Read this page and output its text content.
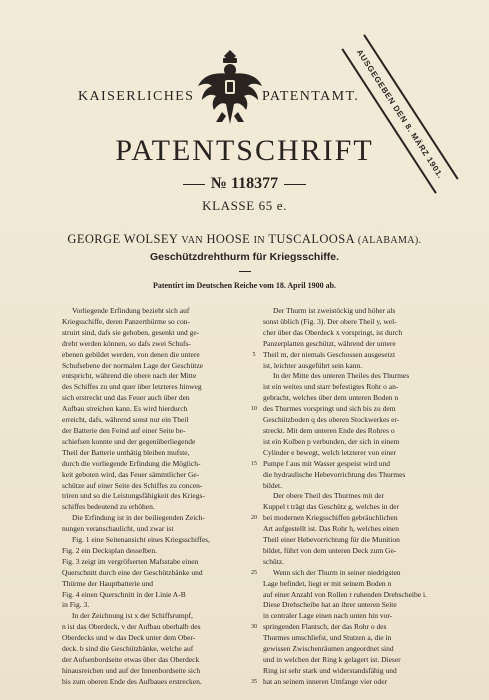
KAISERLICHES	PATENTAMT.
AUSGEGEBEN DEN 8. MÄRZ 1901.
PATENTSCHRIFT
№ 118377
KLASSE 65 e.
GEORGE WOLSEY VAN HOOSE IN TUSCALOOSA (ALABAMA).
Geschützdrehthurm für Kriegsschiffe.
Patentirt im Deutschen Reiche vom 18. April 1900 ab.
Vorliegende Erfindung bezieht sich auf
Kriegsschiffe, deren Panzerthürme so con-
struirt sind, dafs sie gehoben, gesenkt und ge-
dreht werden können, so dafs zwei Schufs-
ebenen gebildet werden, von denen die untere
Schufsebene der normalen Lage der Geschütze
entspricht, während die obere nach der Mitte
des Schiffes zu und quer über letzteres hinweg
sich erstreckt und das Feuer auch über den
Aufbau streichen kann. Es wird hierdurch
erreicht, dafs, während sonst nur ein Theil
der Batterie den Feind auf einer Seite be-
schiefsen konnte und der gegenüberliegende
Theil der Batterie unthätig bleiben mufste,
durch die vorliegende Erfindung die Möglich-
keit geboten wird, das Feuer sämmtlicher Ge-
schütze auf einer Seite des Schiffes zu concen-
triren und so die Leistungsfähigkeit des Kriegs-
schiffes bedeutend zu erhöhen.
Die Erfindung ist in der beiliegenden Zeich-
nungen veranschaulicht, und zwar ist
Fig. 1 eine Seitenansicht eines Kriegsschiffes,
Fig. 2 ein Decksplan desselben.
Fig. 3 zeigt im vergröfserten Mafsstabe einen
Querschnitt durch eine der Geschützbänke und
Thürme der Hauptbatterie und
Fig. 4 einen Querschnitt in der Linie A-B
in Fig. 3.
In der Zeichnung ist x der Schiffsrumpf,
n ist das Oberdeck, v der Aufbau oberhalb des
Oberdecks und w das Deck unter dem Ober-
deck. b sind die Geschützbänke, welche auf
der Aufsenbordseite etwas über das Oberdeck
hinausreichen und auf der Innenbordseite sich
bis zum oberen Ende des Aufbaues erstrecken.
5
10
15
20
25
30
35
Der Thurm ist zweistöckig und höher als
sonst üblich (Fig. 3). Der obere Theil y, wel-
cher über das Oberdeck x vorspringt, ist durch
Panzerplatten geschützt, während der untere
Theil m, der niemals Geschossen ausgesetzt
ist, leichter ausgeführt sein kann.
In der Mitte des unteren Theiles des Thurmes
ist ein weites und starr befestigtes Rohr o an-
gebracht, welches über dem unteren Boden n
des Thurmes vorspringt und sich bis zu dem
Geschützboden q des oberen Stockwerkes er-
streckt. Mit dem unteren Ende des Rohres o
ist ein Kolben p verbunden, der sich in einem
Cylinder e bewegt, welch letzterer von einer
Pumpe f aus mit Wasser gespeist wird und
die hydraulische Hebevorrichtung des Thurmes
bildet.
Der obere Theil des Thurmes mit der
Kuppel t trägt das Geschütz g, welches in der
bei modernen Kriegsschiffen gebräuchlichen
Art aufgestellt ist. Das Rohr h, welches einen
Theil einer Hebevorrichtung für die Munition
bildet, führt von dem unteren Deck zum Ge-
schütz.
Wenn sich der Thurm in seiner niedrigsten
Lage befindet, liegt er mit seinem Boden n
auf einer Anzahl von Rollen r ruhenden Drehscheibe i.
Diese Drehscheibe hat an ihrer unteren Seite
in centraler Lage einen nach unten hin vor-
springenden Flantsch, der das Rohr o des
Thurmes umschliefst, und Stutzen a, die in
gewissen Zwischenräumen angeordnet sind
und in welchen der Ring k gelagert ist. Dieser
Ring ist sehr stark und widerstandsfähig und
hat an seinem inneren Umfange vier oder
